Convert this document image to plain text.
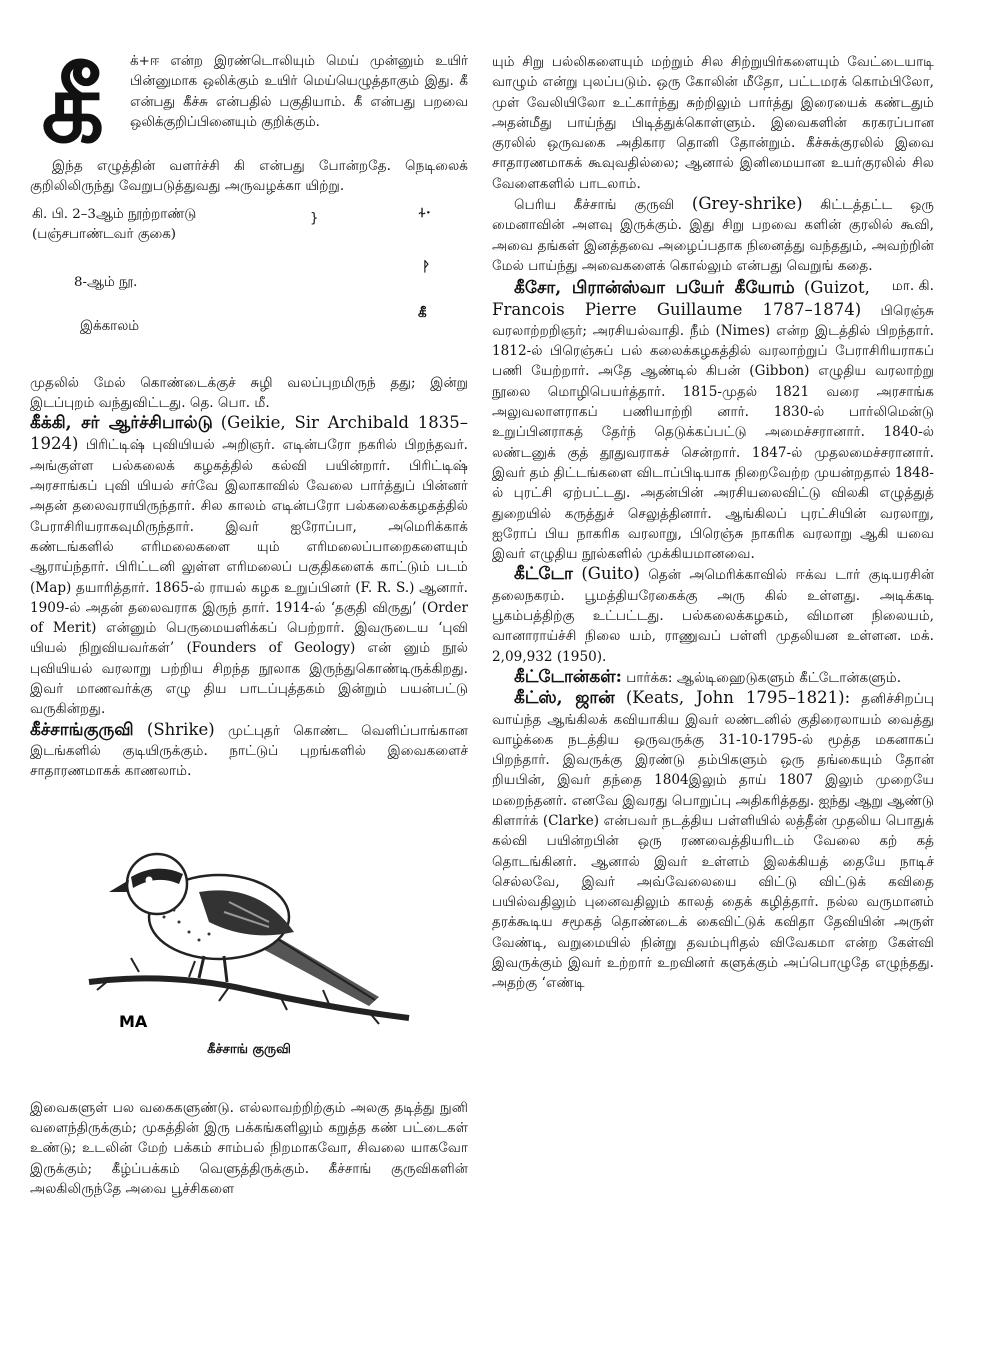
கீ	க்+ஈ என்ற இரண்டொலியும் மெய் முன்னும் உயிர் பின்னுமாக ஒலிக்கும் உயிர் மெய்யெழுத்தாகும் இது. கீ என்பது கீச்சு என்பதில் பகுதியாம். கீ என்பது பறவை ஒலிக்குறிப்பினையும் குறிக்கும்.

இந்த எழுத்தின் வளர்ச்சி கி என்பது போன்றதே. நெடிலைக் குறிலிலிருந்து வேறுபடுத்துவது அருவழக்கா யிற்று.

கி. பி. 2–3ஆம் நூற்றாண்டு
(பஞ்சபாண்டவர் குகை)
}	⍭·
8-ஆம் நூ.
ᚹ
இக்காலம்
கீ

முதலில் மேல் கொண்டைக்குச் சுழி வலப்புறமிருந் தது; இன்று இடப்புறம் வந்துவிட்டது. தெ. பொ. மீ.

கீக்கி, சர் ஆர்ச்சிபால்டு (Geikie, Sir Archibald 1835–1924) பிரிட்டிஷ் புவியியல் அறிஞர். எடின்பரோ நகரில் பிறந்தவர். அங்குள்ள பல்கலைக் கழகத்தில் கல்வி பயின்றார். பிரிட்டிஷ் அரசாங்கப் புவி யியல் சர்வே இலாகாவில் வேலை பார்த்துப் பின்னர் அதன் தலைவராயிருந்தார். சில காலம் எடின்பரோ பல்கலைக்கழகத்தில் பேராசிரியராகவுமிருந்தார். இவர் ஐரோப்பா, அமெரிக்காக் கண்டங்களில் எரிமலைகளை யும் எரிமலைப்பாறைகளையும் ஆராய்ந்தார். பிரிட்டனி லுள்ள எரிமலைப் பகுதிகளைக் காட்டும் படம் (Map) தயாரித்தார். 1865-ல் ராயல் கழக உறுப்பினர் (F. R. S.) ஆனார். 1909-ல் அதன் தலைவராக இருந் தார். 1914-ல் ‘தகுதி விருது’ (Order of Merit) என்னும் பெருமையளிக்கப் பெற்றார். இவருடைய ‘புவி யியல் நிறுவியவர்கள்’ (Founders of Geology) என் னும் நூல் புவியியல் வரலாறு பற்றிய சிறந்த நூலாக இருந்துகொண்டிருக்கிறது. இவர் மாணவர்க்கு எழு திய பாடப்புத்தகம் இன்றும் பயன்பட்டு வருகின்றது.

கீச்சாங்குருவி (Shrike) முட்புதர் கொண்ட வெளிப்பாங்கான இடங்களில் குடியிருக்கும். நாட்டுப் புறங்களில் இவைகளைச் சாதாரணமாகக் காணலாம்.

MA
கீச்சாங் குருவி

இவைகளுள் பல வகைகளுண்டு. எல்லாவற்றிற்கும் அலகு தடித்து நுனி வளைந்திருக்கும்; முகத்தின் இரு பக்கங்களிலும் கறுத்த கண் பட்டைகள் உண்டு; உடலின் மேற் பக்கம் சாம்பல் நிறமாகவோ, சிவலை யாகவோ இருக்கும்; கீழ்ப்பக்கம் வெளுத்திருக்கும். கீச்சாங் குருவிகளின் அலகிலிருந்தே அவை பூச்சிகளை

யும் சிறு பல்லிகளையும் மற்றும் சில சிற்றுயிர்களையும் வேட்டையாடி வாழும் என்று புலப்படும். ஒரு கோலின் மீதோ, பட்டமரக் கொம்பிலோ, முள் வேலியிலோ உட்கார்ந்து சுற்றிலும் பார்த்து இரையைக் கண்டதும் அதன்மீது பாய்ந்து பிடித்துக்கொள்ளும். இவைகளின் கரகரப்பான குரலில் ஒருவகை அதிகார தொனி தோன்றும். கீச்சுக்குரலில் இவை சாதாரணமாகக் கூவுவதில்லை; ஆனால் இனிமையான உயர்குரலில் சில வேளைகளில் பாடலாம்.

பெரிய கீச்சாங் குருவி (Grey-shrike) கிட்டத்தட்ட ஒரு மைனாவின் அளவு இருக்கும். இது சிறு பறவை களின் குரலில் கூவி, அவை தங்கள் இனத்தவை அழைப்பதாக நினைத்து வந்ததும், அவற்றின் மேல் பாய்ந்து அவைகளைக் கொல்லும் என்பது வெறுங் கதை.
மா. கி.

கீசோ, பிரான்ஸ்வா பயேர் கீயோம் (Guizot, Francois Pierre Guillaume 1787–1874) பிரெஞ்சு வரலாற்றறிஞர்; அரசியல்வாதி. நீம் (Nimes) என்ற இடத்தில் பிறந்தார். 1812-ல் பிரெஞ்சுப் பல் கலைக்கழகத்தில் வரலாற்றுப் பேராசிரியராகப் பணி யேற்றார். அதே ஆண்டில் கிபன் (Gibbon) எழுதிய வரலாற்று நூலை மொழிபெயர்த்தார். 1815-முதல் 1821 வரை அரசாங்க அலுவலாளராகப் பணியாற்றி னார். 1830-ல் பார்லிமென்டு உறுப்பினராகத் தேர்ந் தெடுக்கப்பட்டு அமைச்சரானார். 1840-ல் லண்டனுக் குத் தூதுவராகச் சென்றார். 1847-ல் முதலமைச்சரானார். இவர் தம் திட்டங்களை விடாப்பிடியாக நிறைவேற்ற முயன்றதால் 1848-ல் புரட்சி ஏற்பட்டது. அதன்பின் அரசியலைவிட்டு விலகி எழுத்துத் துறையில் கருத்துச் செலுத்தினார். ஆங்கிலப் புரட்சியின் வரலாறு, ஐரோப் பிய நாகரிக வரலாறு, பிரெஞ்சு நாகரிக வரலாறு ஆகி யவை இவர் எழுதிய நூல்களில் முக்கியமானவை.

கீட்டோ (Guito) தென் அமெரிக்காவில் ஈக்வ டார் குடியரசின் தலைநகரம். பூமத்தியரேகைக்கு அரு கில் உள்ளது. அடிக்கடி பூகம்பத்திற்கு உட்பட்டது. பல்கலைக்கழகம், விமான நிலையம், வானாராய்ச்சி நிலை யம், ராணுவப் பள்ளி முதலியன உள்ளன. மக். 2,09,932 (1950).

கீட்டோன்கள்: பார்க்க: ஆல்டிஹைடுகளும் கீட்டோன்களும்.

கீட்ஸ், ஜான் (Keats, John 1795–1821): தனிச்சிறப்பு வாய்ந்த ஆங்கிலக் கவியாகிய இவர் லண்டனில் குதிரைலாயம் வைத்து வாழ்க்கை நடத்திய ஒருவருக்கு 31-10-1795-ல் மூத்த மகனாகப் பிறந்தார். இவருக்கு இரண்டு தம்பிகளும் ஒரு தங்கையும் தோன் றியபின், இவர் தந்தை 1804இலும் தாய் 1807 இலும் முறையே மறைந்தனர். எனவே இவரது பொறுப்பு அதிகரித்தது. ஐந்து ஆறு ஆண்டு கிளார்க் (Clarke) என்பவர் நடத்திய பள்ளியில் லத்தீன் முதலிய பொதுக் கல்வி பயின்றபின் ஒரு ரணவைத்தியரிடம் வேலை கற் கத் தொடங்கினர். ஆனால் இவர் உள்ளம் இலக்கியத் தையே நாடிச் செல்லவே, இவர் அவ்வேலையை விட்டு விட்டுக் கவிதை பயில்வதிலும் புனைவதிலும் காலத் தைக் கழித்தார். நல்ல வருமானம் தரக்கூடிய சமூகத் தொண்டைக் கைவிட்டுக் கவிதா தேவியின் அருள் வேண்டி, வறுமையில் நின்று தவம்புரிதல் விவேகமா என்ற கேள்வி இவருக்கும் இவர் உற்றார் உறவினர் களுக்கும் அப்பொழுதே எழுந்தது. அதற்கு ‘எண்டி
